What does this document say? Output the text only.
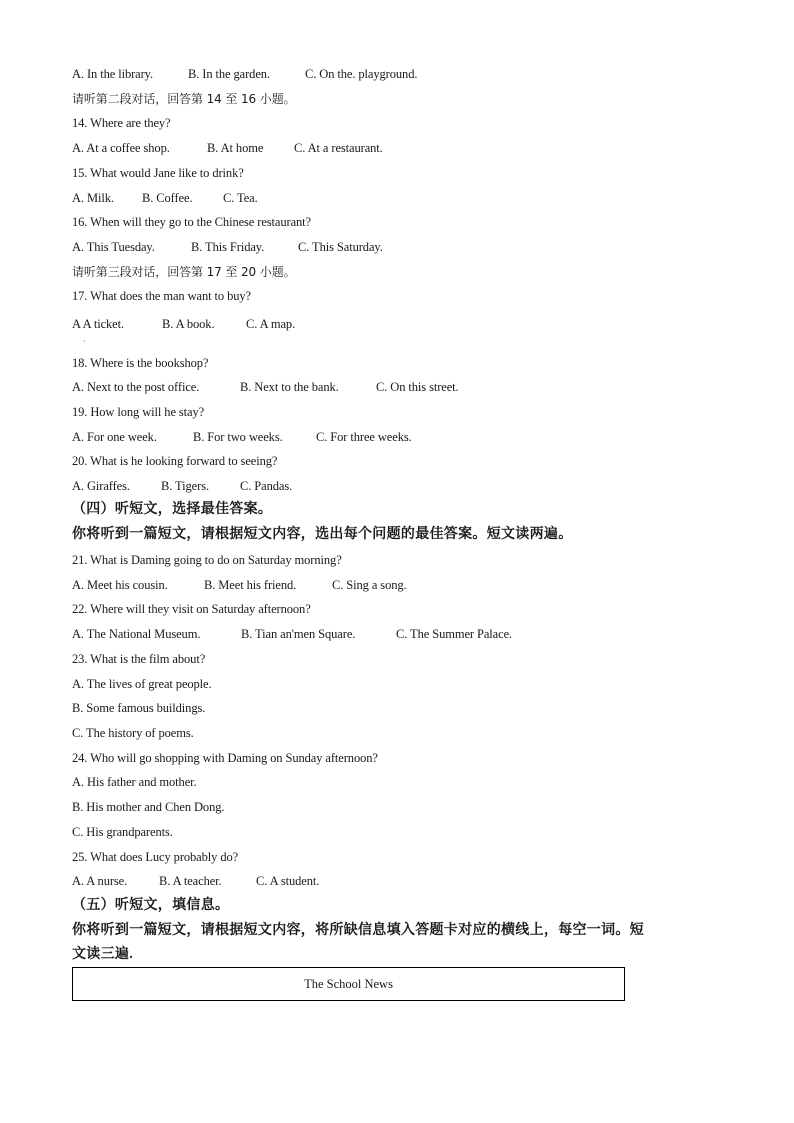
A. In the library.	B. In the garden.	C. On the. playground.
请听第二段对话，回答第 14 至 16 小题。
14. Where are they?
A. At a coffee shop.	B. At home C. At a restaurant.
15. What would Jane like to drink?
A. Milk. B. Coffee. C. Tea.
16. When will they go to the Chinese restaurant?
A. This Tuesday.	B. This Friday.	C. This Saturday.
请听第三段对话，回答第 17 至 20 小题。
17. What does the man want to buy?
A A ticket.	B. A book.	C. A map.
18. Where is the bookshop?
A. Next to the post office.	B. Next to the bank.	C. On this street.
19. How long will he stay?
A. For one week.	B. For two weeks.	C. For three weeks.
20. What is he looking forward to seeing?
A. Giraffes. B. Tigers. C. Pandas.
（四）听短文，选择最佳答案。
你将听到一篇短文，请根据短文内容，选出每个问题的最佳答案。短文读两遍。
21. What is Daming going to do on Saturday morning?
A. Meet his cousin.	B. Meet his friend.	C. Sing a song.
22. Where will they visit on Saturday afternoon?
A. The National Museum.	B. Tian an'men Square.	C. The Summer Palace.
23. What is the film about?
A. The lives of great people.
B. Some famous buildings.
C. The history of poems.
24. Who will go shopping with Daming on Sunday afternoon?
A. His father and mother.
B. His mother and Chen Dong.
C. His grandparents.
25. What does Lucy probably do?
A. A nurse.	B. A teacher.	C. A student.
（五）听短文，填信息。
你将听到一篇短文，请根据短文内容，将所缺信息填入答题卡对应的横线上，每空一词。短
文读三遍.
·
The School News
